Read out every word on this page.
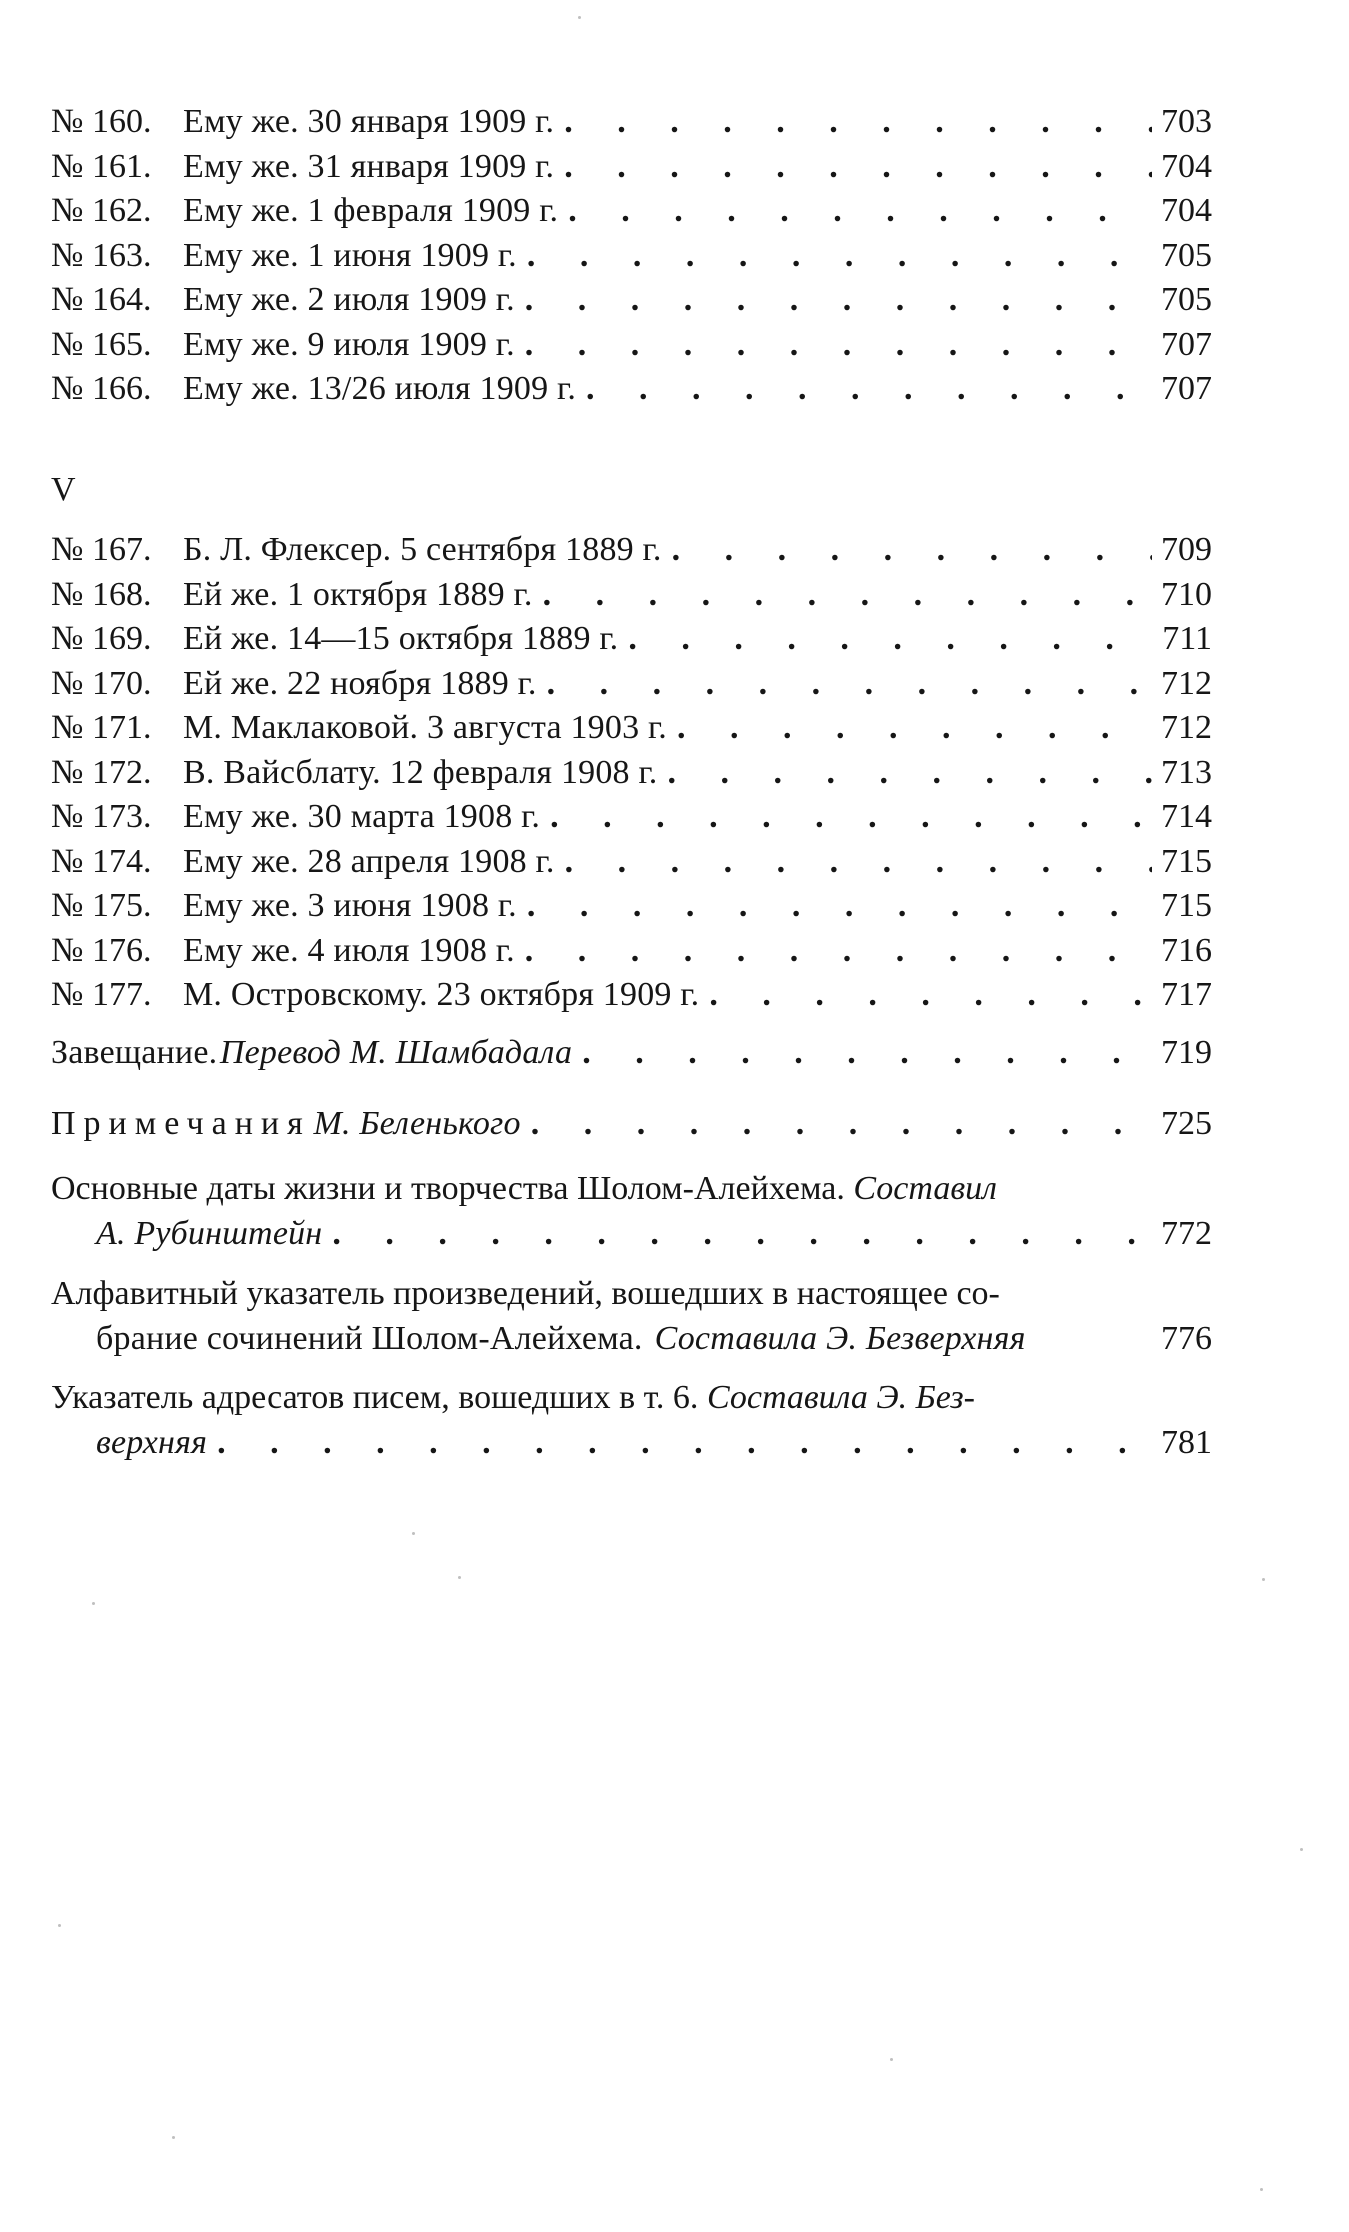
№ 160. Ему же. 30 января 1909 г. . . .	703
№ 161. Ему же. 31 января 1909 г. . . .	704
№ 162. Ему же. 1 февраля 1909 г. . . .	704
№ 163. Ему же. 1 июня 1909 г. . . .	705
№ 164. Ему же. 2 июля 1909 г. . . .	705
№ 165. Ему же. 9 июля 1909 г. . . .	707
№ 166. Ему же. 13/26 июля 1909 г. . . .	707
V
№ 167. Б. Л. Флексер. 5 сентября 1889 г. . . .	709
№ 168. Ей же. 1 октября 1889 г. . . .	710
№ 169. Ей же. 14—15 октября 1889 г. . . .	711
№ 170. Ей же. 22 ноября 1889 г. . . .	712
№ 171. М. Маклаковой. 3 августа 1903 г. . . .	712
№ 172. В. Вайсблату. 12 февраля 1908 г. . . .	713
№ 173. Ему же. 30 марта 1908 г. . . .	714
№ 174. Ему же. 28 апреля 1908 г. . . .	715
№ 175. Ему же. 3 июня 1908 г. . . .	715
№ 176. Ему же. 4 июля 1908 г. . . .	716
№ 177. М. Островскому. 23 октября 1909 г. . . .	717
Завещание. Перевод М. Шамбадала . . .	719
Примечания М. Беленького . . .	725
Основные даты жизни и творчества Шолом-Алейхема. Составил
А. Рубинштейн . . .	772
Алфавитный указатель произведений, вошедших в настоящее со-
брание сочинений Шолом-Алейхема. Составила Э. Безверхняя	776
Указатель адресатов писем, вошедших в т. 6. Составила Э. Без-
верхняя . . .	781
